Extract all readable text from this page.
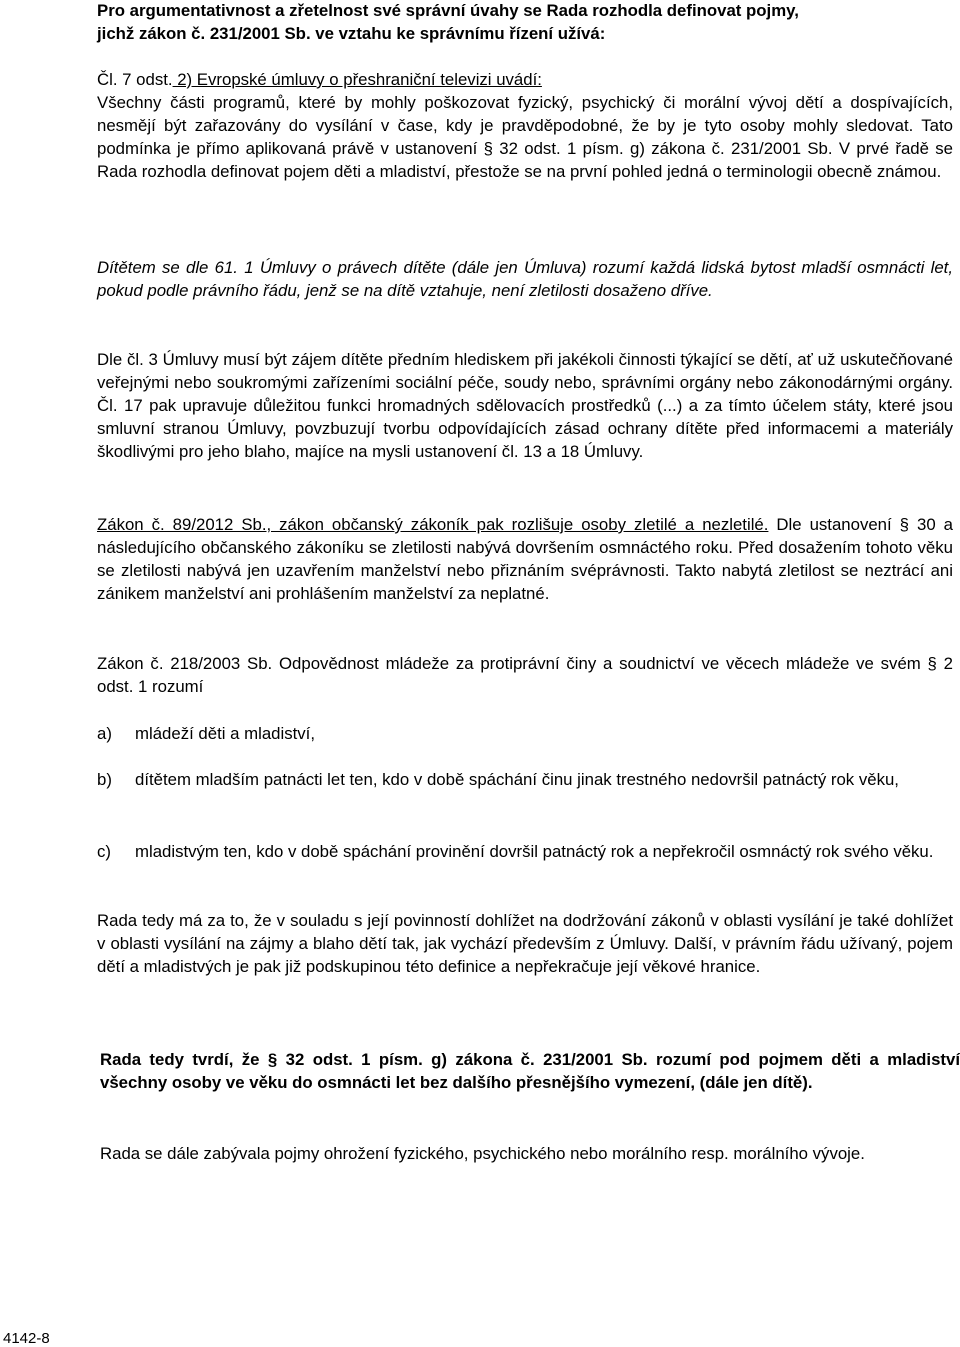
Pro argumentativnost a zřetelnost své správní úvahy se Rada rozhodla definovat pojmy,
jichž zákon č. 231/2001 Sb. ve vztahu ke správnímu řízení užívá:

Čl. 7 odst. 2) Evropské úmluvy o přeshraniční televizi uvádí:
Všechny části programů, které by mohly poškozovat fyzický, psychický či morální vývoj dětí a dospívajících, nesmějí být zařazovány do vysílání v čase, kdy je pravděpodobné, že by je tyto osoby mohly sledovat. Tato podmínka je přímo aplikovaná právě v ustanovení § 32 odst. 1 písm. g) zákona č. 231/2001 Sb. V prvé řadě se Rada rozhodla definovat pojem děti a mladiství, přestože se na první pohled jedná o terminologii obecně známou.

Dítětem se dle 61. 1 Úmluvy o právech dítěte (dále jen Úmluva) rozumí každá lidská bytost mladší osmnácti let, pokud podle právního řádu, jenž se na dítě vztahuje, není zletilosti dosaženo dříve.

Dle čl. 3 Úmluvy musí být zájem dítěte předním hlediskem při jakékoli činnosti týkající se dětí, ať už uskutečňované veřejnými nebo soukromými zařízeními sociální péče, soudy nebo, správními orgány nebo zákonodárnými orgány. Čl. 17 pak upravuje důležitou funkci hromadných sdělovacích prostředků (...) a za tímto účelem státy, které jsou smluvní stranou Úmluvy, povzbuzují tvorbu odpovídajících zásad ochrany dítěte před informacemi a materiály škodlivými pro jeho blaho, majíce na mysli ustanovení čl. 13 a 18 Úmluvy.

Zákon č. 89/2012 Sb., zákon občanský zákoník pak rozlišuje osoby zletilé a nezletilé. Dle ustanovení § 30 a následujícího občanského zákoníku se zletilosti nabývá dovršením osmnáctého roku. Před dosažením tohoto věku se zletilosti nabývá jen uzavřením manželství nebo přiznáním svéprávnosti. Takto nabytá zletilost se neztrácí ani zánikem manželství ani prohlášením manželství za neplatné.

Zákon č. 218/2003 Sb. Odpovědnost mládeže za protiprávní činy a soudnictví ve věcech mládeže ve svém § 2 odst. 1 rozumí

a) mládeží děti a mladiství,
b) dítětem mladším patnácti let ten, kdo v době spáchání činu jinak trestného nedovršil patnáctý rok věku,
c) mladistvým ten, kdo v době spáchání provinění dovršil patnáctý rok a nepřekročil osmnáctý rok svého věku.

Rada tedy má za to, že v souladu s její povinností dohlížet na dodržování zákonů v oblasti vysílání je také dohlížet v oblasti vysílání na zájmy a blaho dětí tak, jak vychází především z Úmluvy. Další, v právním řádu užívaný, pojem dětí a mladistvých je pak již podskupinou této definice a nepřekračuje její věkové hranice.

Rada tedy tvrdí, že § 32 odst. 1 písm. g) zákona č. 231/2001 Sb. rozumí pod pojmem děti a mladiství všechny osoby ve věku do osmnácti let bez dalšího přesnějšího vymezení, (dále jen dítě).

Rada se dále zabývala pojmy ohrožení fyzického, psychického nebo morálního resp. morálního vývoje.

4142-8
